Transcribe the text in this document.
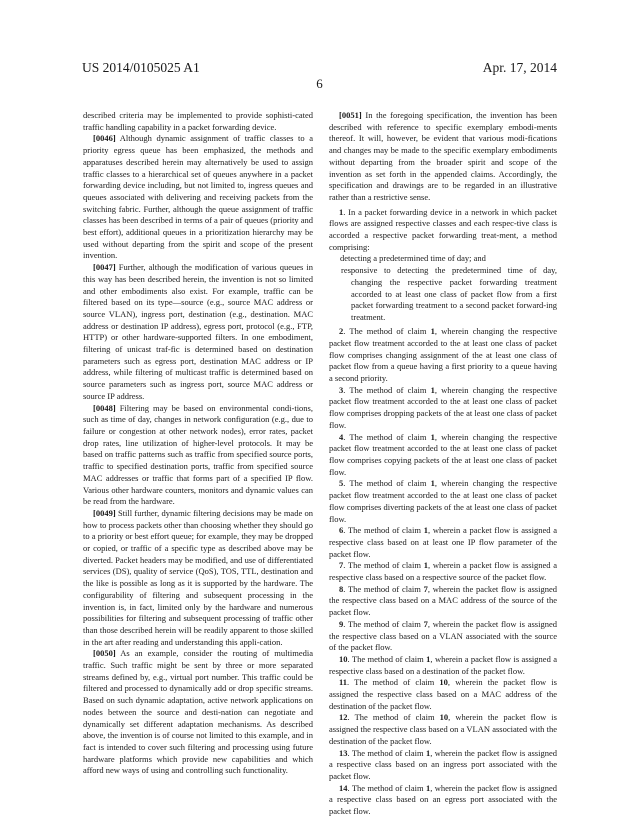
US 2014/0105025 A1	Apr. 17, 2014
6

described criteria may be implemented to provide sophisti-cated traffic handling capability in a packet forwarding device.

[0046] Although dynamic assignment of traffic classes to a priority egress queue has been emphasized, the methods and apparatuses described herein may alternatively be used to assign traffic classes to a hierarchical set of queues anywhere in a packet forwarding device including, but not limited to, ingress queues and queues associated with delivering and receiving packets from the switching fabric. Further, although the queue assignment of traffic classes has been described in terms of a pair of queues (priority and best effort), additional queues in a prioritization hierarchy may be used without departing from the spirit and scope of the present invention.

[0047] Further, although the modification of various queues in this way has been described herein, the invention is not so limited and other embodiments also exist. For example, traffic can be filtered based on its type—source (e.g., source MAC address or source VLAN), ingress port, destination (e.g., destination. MAC address or destination IP address), egress port, protocol (e.g., FTP, HTTP) or other hardware-supported filters. In one embodiment, filtering of unicast traf-fic is determined based on destination parameters such as egress port, destination MAC address or IP address, while filtering of multicast traffic is determined based on source parameters such as ingress port, source MAC address or source IP address.

[0048] Filtering may be based on environmental condi-tions, such as time of day, changes in network configuration (e.g., due to failure or congestion at other network nodes), error rates, packet drop rates, line utilization of higher-level protocols. It may be based on traffic patterns such as traffic from specified source ports, traffic to specified destination ports, traffic from specified source MAC addresses or traffic that forms part of a specified IP flow. Various other hardware counters, monitors and dynamic values can be read from the hardware.

[0049] Still further, dynamic filtering decisions may be made on how to process packets other than choosing whether they should go to a priority or best effort queue; for example, they may be dropped or copied, or traffic of a specific type as described above may be diverted. Packet headers may be modified, and use of differentiated services (DS), quality of service (QoS), TOS, TTL, destination and the like is possible as long as it is supported by the hardware. The configurability of filtering and subsequent processing in the invention is, in fact, limited only by the hardware and numerous possibilities for filtering and subsequent processing of traffic other than those described herein will be readily apparent to those skilled in the art after reading and understanding this appli-cation.

[0050] As an example, consider the routing of multimedia traffic. Such traffic might be sent by three or more separated streams defined by, e.g., virtual port number. This traffic could be filtered and processed to dynamically add or drop specific streams. Based on such dynamic adaptation, active network applications on nodes between the source and desti-nation can negotiate and dynamically set different adaptation mechanisms. As described above, the invention is of course not limited to this example, and in fact is intended to cover such filtering and processing using future hardware platforms which provide new capabilities and which afford new ways of using and controlling such functionality.

[0051] In the foregoing specification, the invention has been described with reference to specific exemplary embodi-ments thereof. It will, however, be evident that various modi-fications and changes may be made to the specific exemplary embodiments without departing from the broader spirit and scope of the invention as set forth in the appended claims. Accordingly, the specification and drawings are to be regarded in an illustrative rather than a restrictive sense.

1. In a packet forwarding device in a network in which packet flows are assigned respective classes and each respec-tive class is accorded a respective packet forwarding treat-ment, a method comprising:

detecting a predetermined time of day; and

responsive to detecting the predetermined time of day, changing the respective packet forwarding treatment accorded to at least one class of packet flow from a first packet forwarding treatment to a second packet forward-ing treatment.

2. The method of claim 1, wherein changing the respective packet flow treatment accorded to the at least one class of packet flow comprises changing assignment of the at least one class of packet flow from a queue having a first priority to a queue having a second priority.

3. The method of claim 1, wherein changing the respective packet flow treatment accorded to the at least one class of packet flow comprises dropping packets of the at least one class of packet flow.

4. The method of claim 1, wherein changing the respective packet flow treatment accorded to the at least one class of packet flow comprises copying packets of the at least one class of packet flow.

5. The method of claim 1, wherein changing the respective packet flow treatment accorded to the at least one class of packet flow comprises diverting packets of the at least one class of packet flow.

6. The method of claim 1, wherein a packet flow is assigned a respective class based on at least one IP flow parameter of the packet flow.

7. The method of claim 1, wherein a packet flow is assigned a respective class based on a respective source of the packet flow.

8. The method of claim 7, wherein the packet flow is assigned the respective class based on a MAC address of the source of the packet flow.

9. The method of claim 7, wherein the packet flow is assigned the respective class based on a VLAN associated with the source of the packet flow.

10. The method of claim 1, wherein a packet flow is assigned a respective class based on a destination of the packet flow.

11. The method of claim 10, wherein the packet flow is assigned the respective class based on a MAC address of the destination of the packet flow.

12. The method of claim 10, wherein the packet flow is assigned the respective class based on a VLAN associated with the destination of the packet flow.

13. The method of claim 1, wherein the packet flow is assigned a respective class based on an ingress port associated with the packet flow.

14. The method of claim 1, wherein the packet flow is assigned a respective class based on an egress port associated with the packet flow.
